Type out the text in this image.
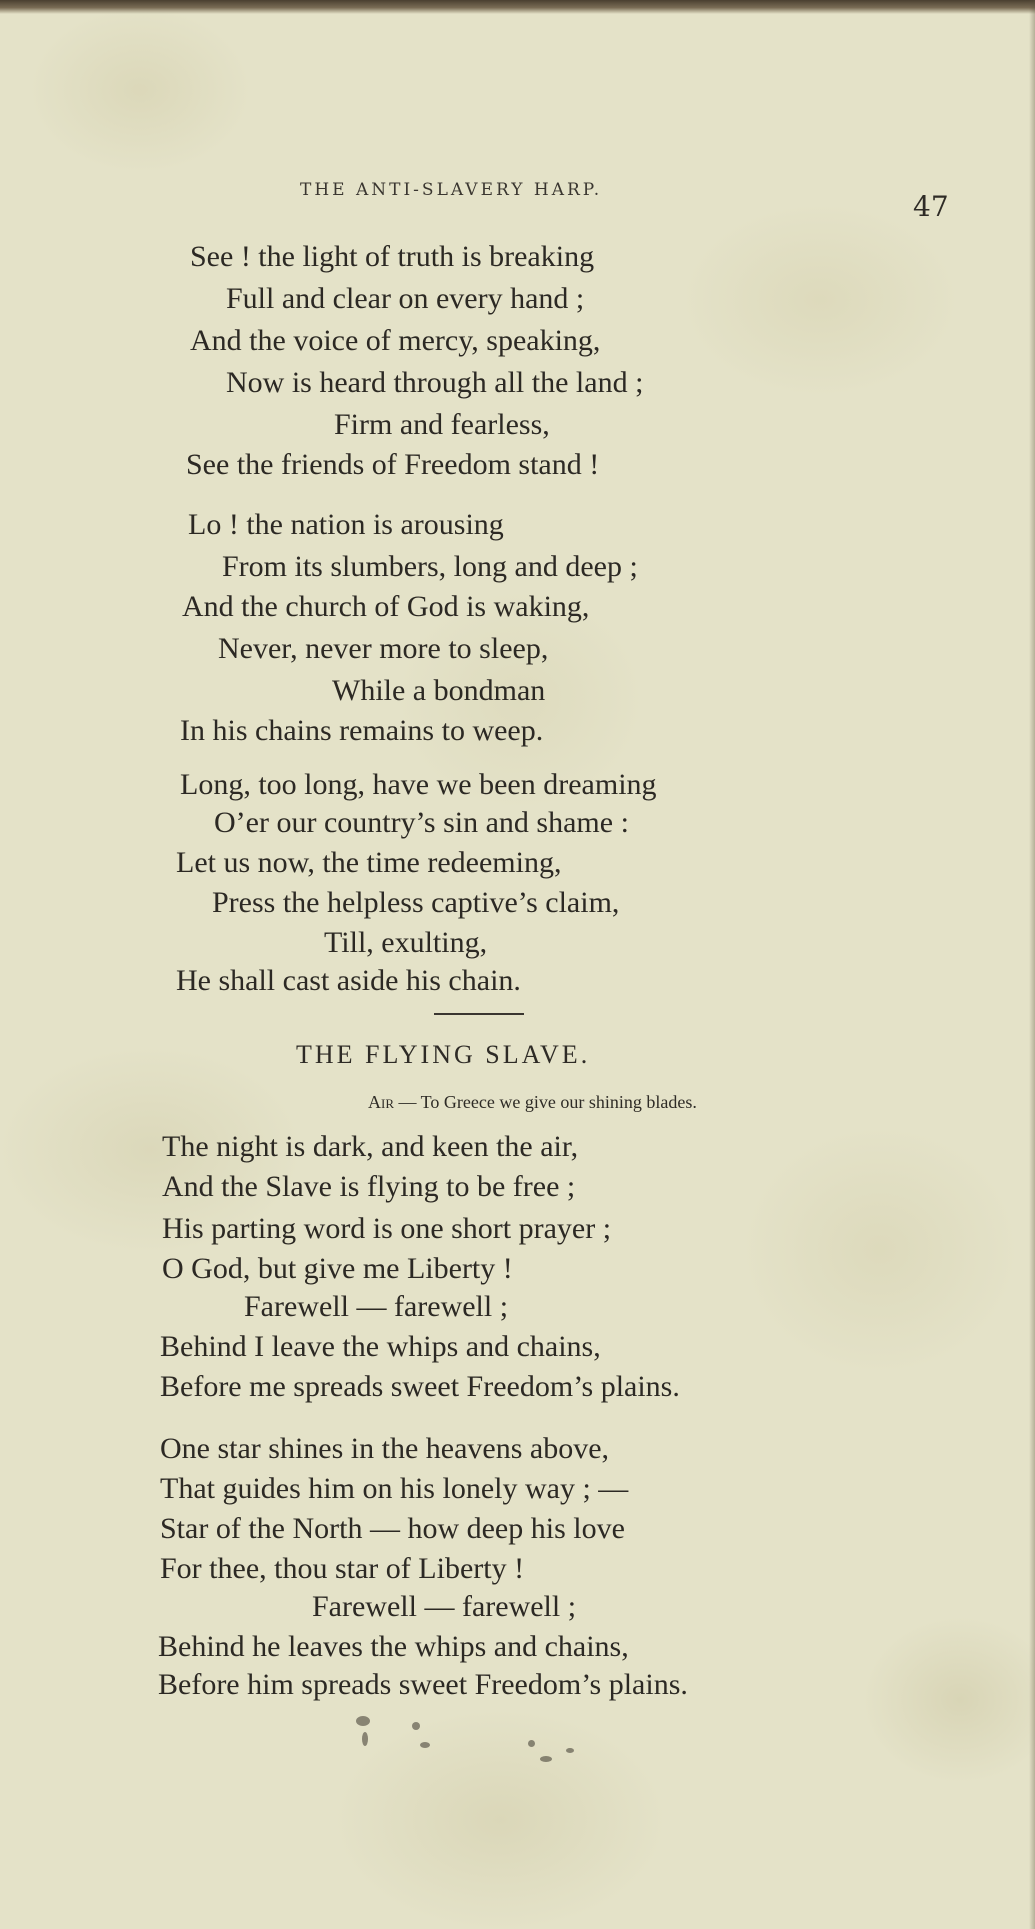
THE ANTI-SLAVERY HARP.	47
See ! the light of truth is breaking
Full and clear on every hand ;
And the voice of mercy, speaking,
Now is heard through all the land ;
Firm and fearless,
See the friends of Freedom stand !
Lo ! the nation is arousing
From its slumbers, long and deep ;
And the church of God is waking,
Never, never more to sleep,
While a bondman
In his chains remains to weep.
Long, too long, have we been dreaming
O’er our country’s sin and shame :
Let us now, the time redeeming,
Press the helpless captive’s claim,
Till, exulting,
He shall cast aside his chain.
THE FLYING SLAVE.
Air — To Greece we give our shining blades.
The night is dark, and keen the air,
And the Slave is flying to be free ;
His parting word is one short prayer ;
O God, but give me Liberty !
Farewell — farewell ;
Behind I leave the whips and chains,
Before me spreads sweet Freedom’s plains.
One star shines in the heavens above,
That guides him on his lonely way ; —
Star of the North — how deep his love
For thee, thou star of Liberty !
Farewell — farewell ;
Behind he leaves the whips and chains,
Before him spreads sweet Freedom’s plains.
